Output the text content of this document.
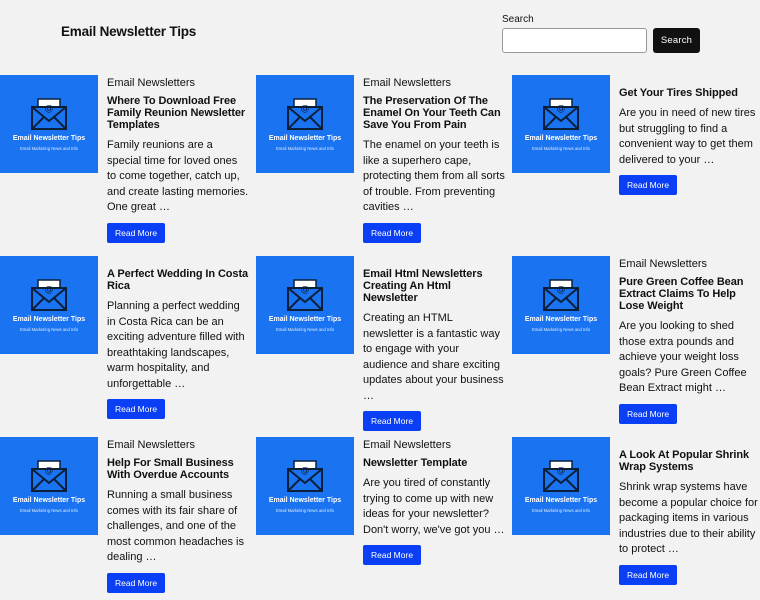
Email Newsletter Tips
Search
Search
@
Email Newsletter Tips
Email Marketing News and Info
Email Newsletters
Where To Download Free Family Reunion Newsletter Templates
Family reunions are a special time for loved ones to come together, catch up, and create lasting memories. One great …
Read More
@
Email Newsletter Tips
Email Marketing News and Info
Email Newsletters
The Preservation Of The Enamel On Your Teeth Can Save You From Pain
The enamel on your teeth is like a superhero cape, protecting them from all sorts of trouble. From preventing cavities …
Read More
@
Email Newsletter Tips
Email Marketing News and Info
Get Your Tires Shipped
Are you in need of new tires but struggling to find a convenient way to get them delivered to your …
Read More
@
Email Newsletter Tips
Email Marketing News and Info
A Perfect Wedding In Costa Rica
Planning a perfect wedding in Costa Rica can be an exciting adventure filled with breathtaking landscapes, warm hospitality, and unforgettable …
Read More
@
Email Newsletter Tips
Email Marketing News and Info
Email Html Newsletters Creating An Html Newsletter
Creating an HTML newsletter is a fantastic way to engage with your audience and share exciting updates about your business …
Read More
@
Email Newsletter Tips
Email Marketing News and Info
Email Newsletters
Pure Green Coffee Bean Extract Claims To Help Lose Weight
Are you looking to shed those extra pounds and achieve your weight loss goals? Pure Green Coffee Bean Extract might …
Read More
@
Email Newsletter Tips
Email Marketing News and Info
Email Newsletters
Help For Small Business With Overdue Accounts
Running a small business comes with its fair share of challenges, and one of the most common headaches is dealing …
Read More
@
Email Newsletter Tips
Email Marketing News and Info
Email Newsletters
Newsletter Template
Are you tired of constantly trying to come up with new ideas for your newsletter? Don't worry, we've got you …
Read More
@
Email Newsletter Tips
Email Marketing News and Info
A Look At Popular Shrink Wrap Systems
Shrink wrap systems have become a popular choice for packaging items in various industries due to their ability to protect …
Read More
